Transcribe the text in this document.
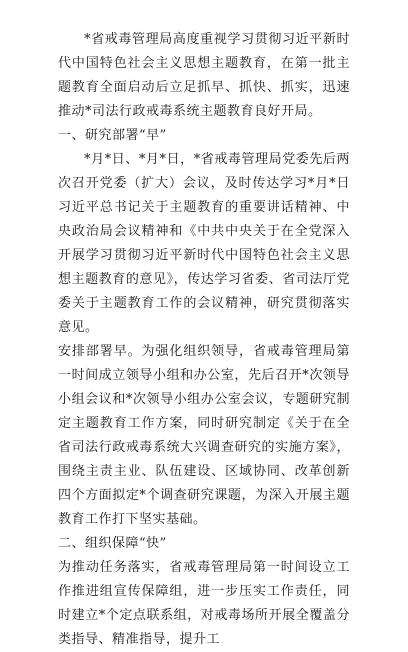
*省戒毒管理局高度重视学习贯彻习近平新时代中国特色社会主义思想主题教育，在第一批主题教育全面启动后立足抓早、抓快、抓实，迅速推动*司法行政戒毒系统主题教育良好开局。

一、研究部署“早”

*月*日、*月*日，*省戒毒管理局党委先后两次召开党委（扩大）会议，及时传达学习*月*日习近平总书记关于主题教育的重要讲话精神、中央政治局会议精神和《中共中央关于在全党深入开展学习贯彻习近平新时代中国特色社会主义思想主题教育的意见》，传达学习省委、省司法厅党委关于主题教育工作的会议精神，研究贯彻落实意见。

安排部署早。为强化组织领导，省戒毒管理局第一时间成立领导小组和办公室，先后召开*次领导小组会议和*次领导小组办公室会议，专题研究制定主题教育工作方案，同时研究制定《关于在全省司法行政戒毒系统大兴调查研究的实施方案》，围绕主责主业、队伍建设、区域协同、改革创新四个方面拟定*个调查研究课题，为深入开展主题教育工作打下坚实基础。

二、组织保障“快”

为推动任务落实，省戒毒管理局第一时间设立工作推进组宣传保障组，进一步压实工作责任，同时建立*个定点联系组，对戒毒场所开展全覆盖分类指导、精准指导，提升工
